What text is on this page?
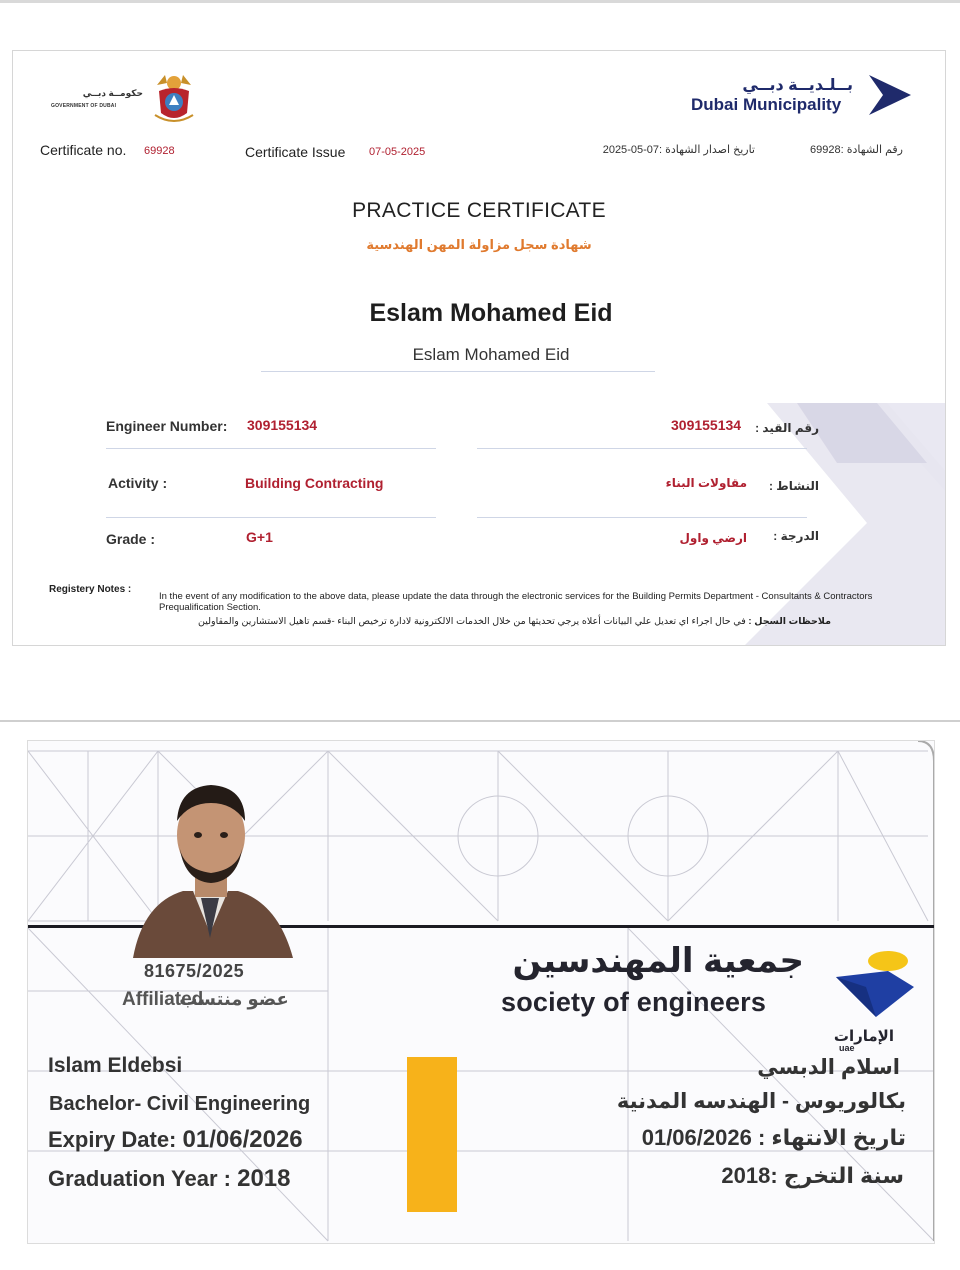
حكومــة دبــي
GOVERNMENT OF DUBAI
بــلـديــة دبــي
Dubai Municipality
Certificate no. 69928	Certificate Issue 07-05-2025	تاريخ اصدار الشهادة :07-05-2025	رقم الشهادة :69928
PRACTICE CERTIFICATE
شهادة سجل مزاولة المهن الهندسية
Eslam Mohamed Eid
Eslam Mohamed Eid
Engineer Number: 309155134	309155134 رقم القيد :
Activity :	Building Contracting	مقاولات البناء النشاط :
Grade :	G+1	ارضي واول الدرجة :
Registery Notes :
In the event of any modification to the above data, please update the data through the electronic services for the Building Permits Department - Consultants & Contractors Prequalification Section.
ملاحظات السجل : في حال اجراء اي تعديل علي البيانات أعلاه يرجي تحديثها من خلال الخدمات الالكترونية لادارة ترخيص البناء -قسم تاهيل الاستشارين والمقاولين
81675/2025
Affiliated
عضو منتسب
Islam Eldebsi
Bachelor- Civil Engineering
Expiry Date: 01/06/2026
Graduation Year : 2018
جمعية المهندسين
society of engineers
الإمارات
uae
اسلام الدبسي
بكالوريوس - الهندسه المدنية
تاريخ الانتهاء : 01/06/2026
سنة التخرج :2018
